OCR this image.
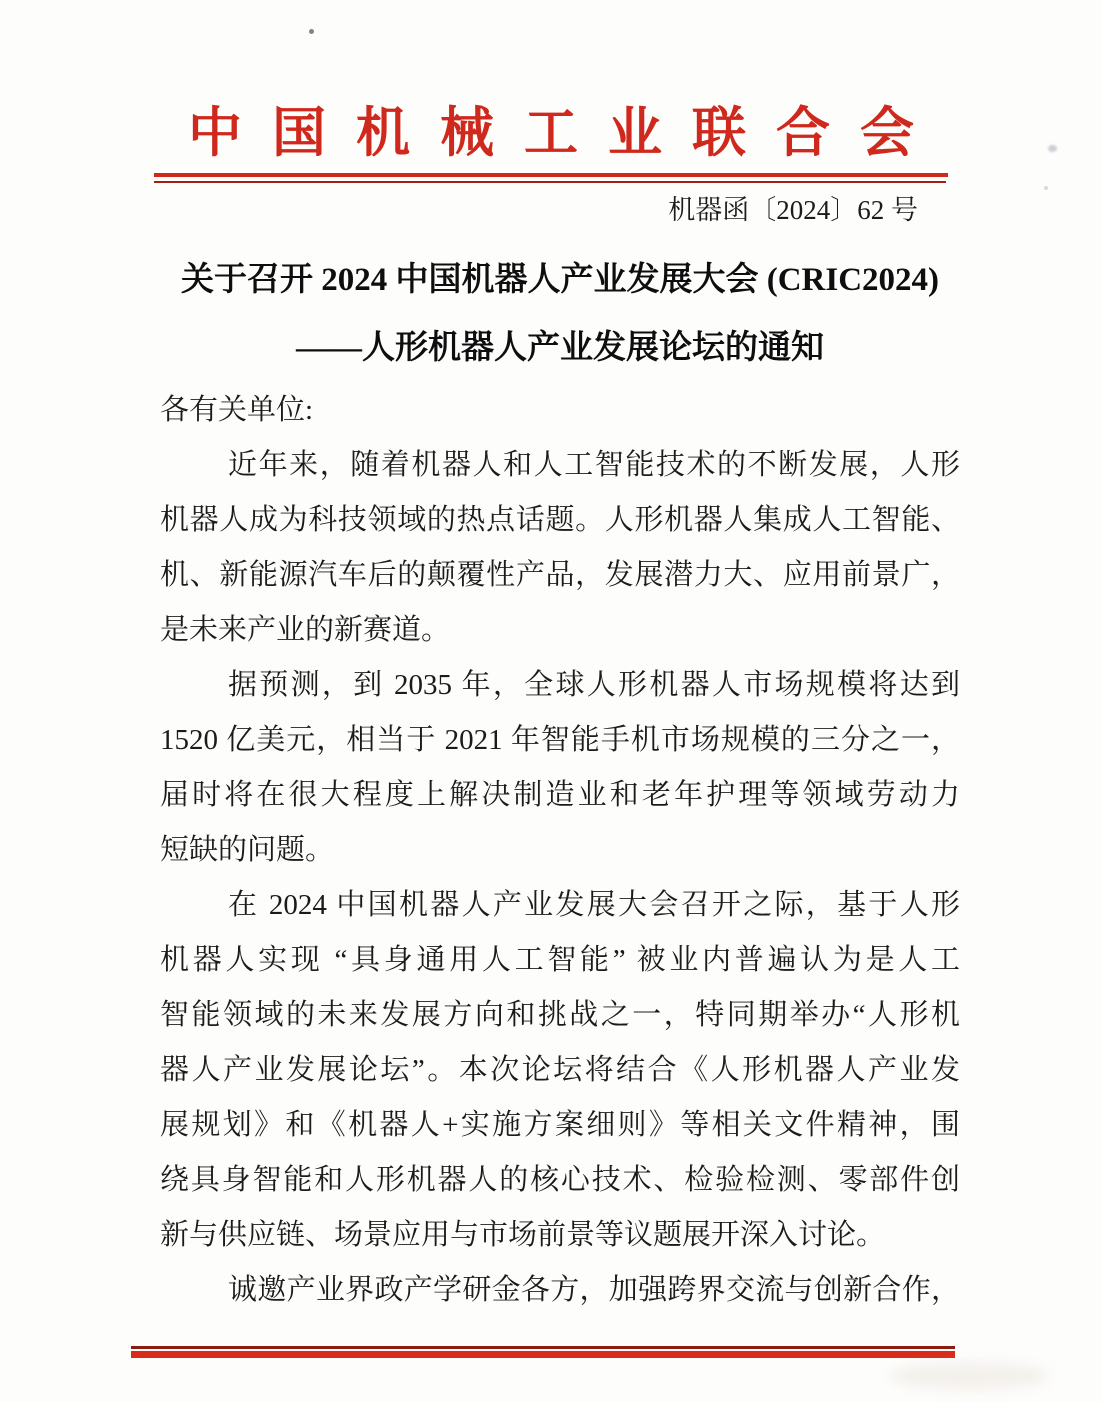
中国机械工业联合会
机器函〔2024〕62 号
关于召开 2024 中国机器人产业发展大会 (CRIC2024)
——人形机器人产业发展论坛的通知
各有关单位:
近年来，随着机器人和人工智能技术的不断发展，人形
机器人成为科技领域的热点话题。人形机器人集成人工智能、
机、新能源汽车后的颠覆性产品，发展潜力大、应用前景广，
是未来产业的新赛道。
据预测，到 2035 年，全球人形机器人市场规模将达到
1520 亿美元，相当于 2021 年智能手机市场规模的三分之一，
届时将在很大程度上解决制造业和老年护理等领域劳动力
短缺的问题。
在 2024 中国机器人产业发展大会召开之际，基于人形
机器人实现 “具身通用人工智能” 被业内普遍认为是人工
智能领域的未来发展方向和挑战之一，特同期举办“人形机
器人产业发展论坛”。本次论坛将结合《人形机器人产业发
展规划》和《机器人+实施方案细则》等相关文件精神，围
绕具身智能和人形机器人的核心技术、检验检测、零部件创
新与供应链、场景应用与市场前景等议题展开深入讨论。
诚邀产业界政产学研金各方，加强跨界交流与创新合作，
